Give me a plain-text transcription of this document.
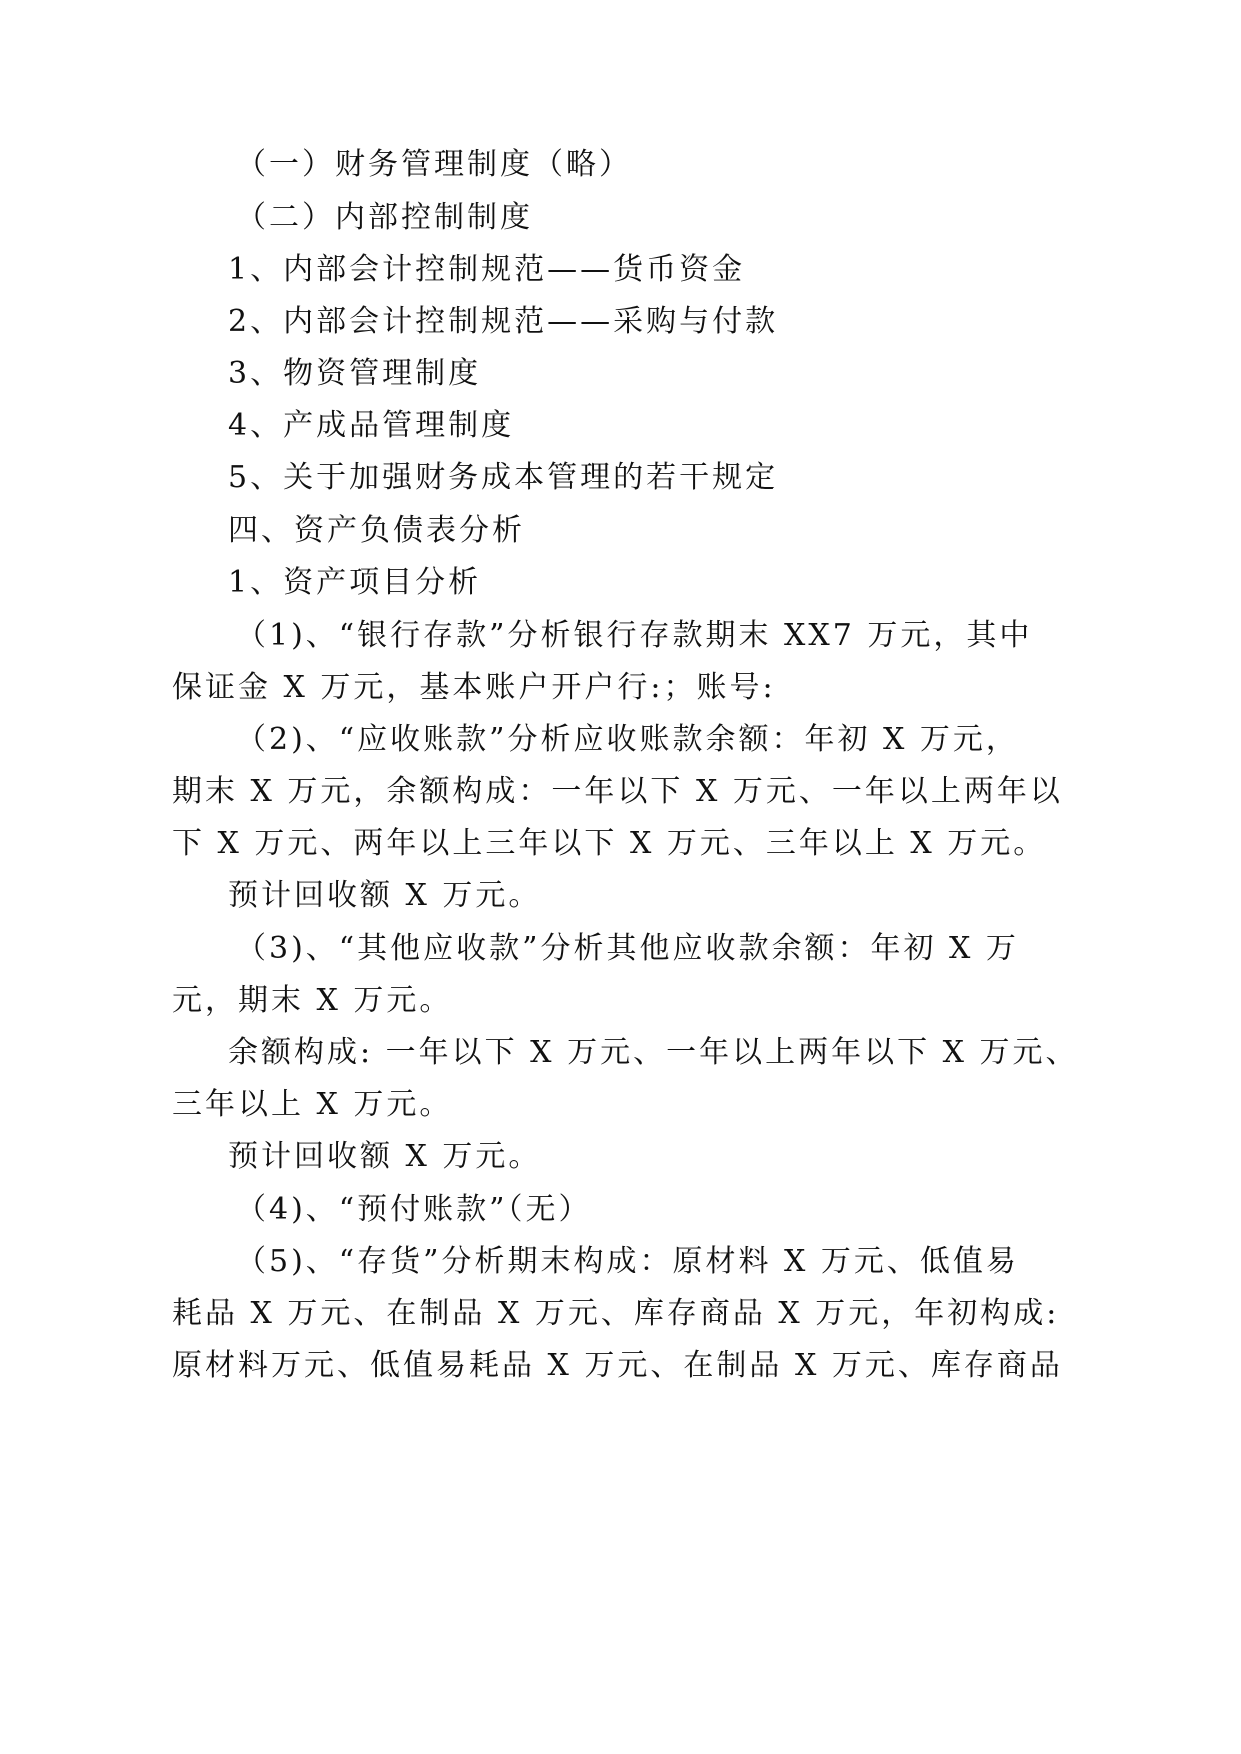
（一）财务管理制度（略）

（二）内部控制制度

1、内部会计控制规范——货币资金

2、内部会计控制规范——采购与付款

3、物资管理制度

4、产成品管理制度

5、关于加强财务成本管理的若干规定

四、资产负债表分析

1、资产项目分析

（1)、“银行存款”分析银行存款期末 XX7 万元，其中

保证金 X 万元，基本账户开户行:；账号:

（2)、“应收账款”分析应收账款余额：年初 X 万元，

期末 X 万元，余额构成：一年以下 X 万元、一年以上两年以

下 X 万元、两年以上三年以下 X 万元、三年以上 X 万元。

预计回收额 X 万元。

（3)、“其他应收款”分析其他应收款余额：年初 X 万

元，期末 X 万元。

余额构成: 一年以下 X 万元、一年以上两年以下 X 万元、

三年以上 X 万元。

预计回收额 X 万元。

（4)、“预付账款”（无）

（5)、“存货”分析期末构成：原材料 X 万元、低值易

耗品 X 万元、在制品 X 万元、库存商品 X 万元，年初构成:

原材料万元、低值易耗品 X 万元、在制品 X 万元、库存商品
